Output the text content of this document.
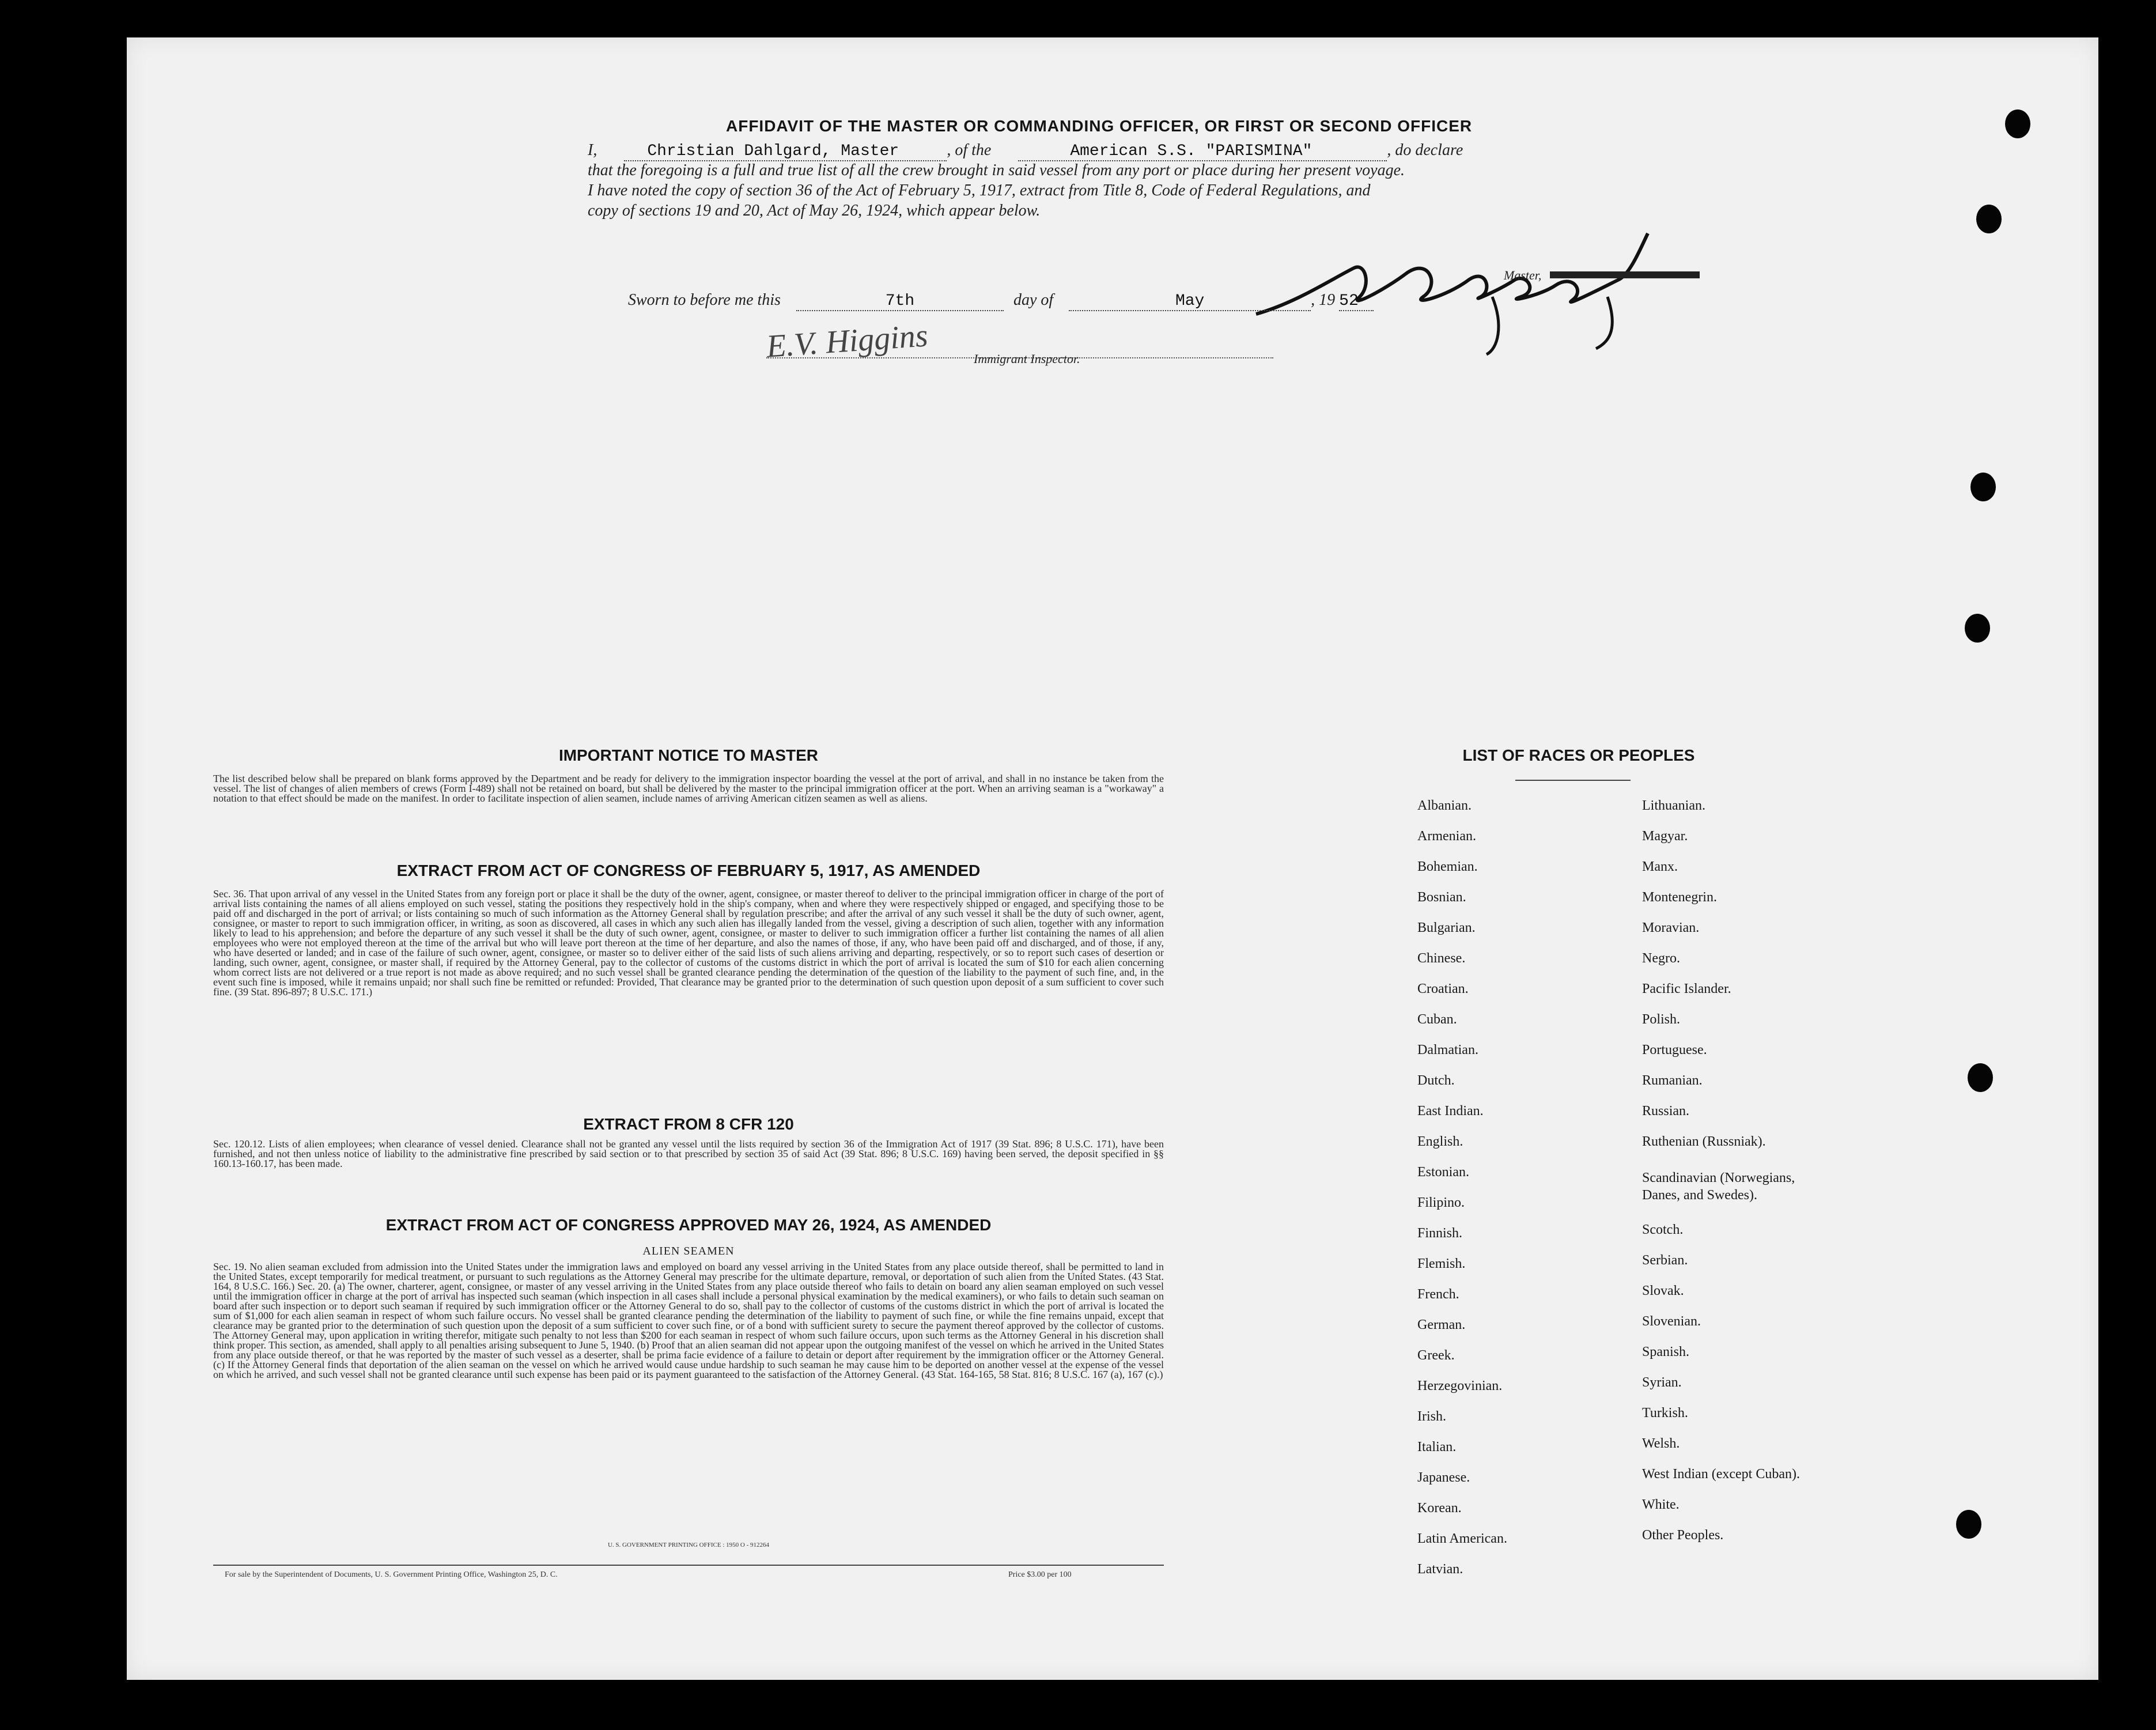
AFFIDAVIT OF THE MASTER OR COMMANDING OFFICER, OR FIRST OR SECOND OFFICER
I,	Christian Dahlgard, Master	, of the	American S.S. "PARISMINA"	, do declare
that the foregoing is a full and true list of all the crew brought in said vessel from any port or place during her present voyage.
I have noted the copy of section 36 of the Act of February 5, 1917, extract from Title 8, Code of Federal Regulations, and
copy of sections 19 and 20, Act of May 26, 1924, which appear below.
Master,
Sworn to before me this	7th	day of	May	, 19 52
E.V. Higgins	Immigrant Inspector.
IMPORTANT NOTICE TO MASTER
The list described below shall be prepared on blank forms approved by the Department and be ready for delivery to the immigration inspector boarding the vessel at the port of arrival, and shall in no instance be taken from the vessel. The list of changes of alien members of crews (Form I-489) shall not be retained on board, but shall be delivered by the master to the principal immigration officer at the port. When an arriving seaman is a "workaway" a notation to that effect should be made on the manifest. In order to facilitate inspection of alien seamen, include names of arriving American citizen seamen as well as aliens.
EXTRACT FROM ACT OF CONGRESS OF FEBRUARY 5, 1917, AS AMENDED
Sec. 36. That upon arrival of any vessel in the United States from any foreign port or place it shall be the duty of the owner, agent, consignee, or master thereof to deliver to the principal immigration officer in charge of the port of arrival lists containing the names of all aliens employed on such vessel, stating the positions they respectively hold in the ship's company, when and where they were respectively shipped or engaged, and specifying those to be paid off and discharged in the port of arrival; or lists containing so much of such information as the Attorney General shall by regulation prescribe; and after the arrival of any such vessel it shall be the duty of such owner, agent, consignee, or master to report to such immigration officer, in writing, as soon as discovered, all cases in which any such alien has illegally landed from the vessel, giving a description of such alien, together with any information likely to lead to his apprehension; and before the departure of any such vessel it shall be the duty of such owner, agent, consignee, or master to deliver to such immigration officer a further list containing the names of all alien employees who were not employed thereon at the time of the arrival but who will leave port thereon at the time of her departure, and also the names of those, if any, who have been paid off and discharged, and of those, if any, who have deserted or landed; and in case of the failure of such owner, agent, consignee, or master so to deliver either of the said lists of such aliens arriving and departing, respectively, or so to report such cases of desertion or landing, such owner, agent, consignee, or master shall, if required by the Attorney General, pay to the collector of customs of the customs district in which the port of arrival is located the sum of $10 for each alien concerning whom correct lists are not delivered or a true report is not made as above required; and no such vessel shall be granted clearance pending the determination of the question of the liability to the payment of such fine, and, in the event such fine is imposed, while it remains unpaid; nor shall such fine be remitted or refunded: Provided, That clearance may be granted prior to the determination of such question upon deposit of a sum sufficient to cover such fine. (39 Stat. 896-897; 8 U.S.C. 171.)
EXTRACT FROM 8 CFR 120
Sec. 120.12. Lists of alien employees; when clearance of vessel denied. Clearance shall not be granted any vessel until the lists required by section 36 of the Immigration Act of 1917 (39 Stat. 896; 8 U.S.C. 171), have been furnished, and not then unless notice of liability to the administrative fine prescribed by said section or to that prescribed by section 35 of said Act (39 Stat. 896; 8 U.S.C. 169) having been served, the deposit specified in §§ 160.13-160.17, has been made.
EXTRACT FROM ACT OF CONGRESS APPROVED MAY 26, 1924, AS AMENDED
ALIEN SEAMEN
Sec. 19. No alien seaman excluded from admission into the United States under the immigration laws and employed on board any vessel arriving in the United States from any place outside thereof, shall be permitted to land in the United States, except temporarily for medical treatment, or pursuant to such regulations as the Attorney General may prescribe for the ultimate departure, removal, or deportation of such alien from the United States. (43 Stat. 164, 8 U.S.C. 166.) Sec. 20. (a) The owner, charterer, agent, consignee, or master of any vessel arriving in the United States from any place outside thereof who fails to detain on board any alien seaman employed on such vessel until the immigration officer in charge at the port of arrival has inspected such seaman (which inspection in all cases shall include a personal physical examination by the medical examiners), or who fails to detain such seaman on board after such inspection or to deport such seaman if required by such immigration officer or the Attorney General to do so, shall pay to the collector of customs of the customs district in which the port of arrival is located the sum of $1,000 for each alien seaman in respect of whom such failure occurs. No vessel shall be granted clearance pending the determination of the liability to payment of such fine, or while the fine remains unpaid, except that clearance may be granted prior to the determination of such question upon the deposit of a sum sufficient to cover such fine, or of a bond with sufficient surety to secure the payment thereof approved by the collector of customs. The Attorney General may, upon application in writing therefor, mitigate such penalty to not less than $200 for each seaman in respect of whom such failure occurs, upon such terms as the Attorney General in his discretion shall think proper. This section, as amended, shall apply to all penalties arising subsequent to June 5, 1940. (b) Proof that an alien seaman did not appear upon the outgoing manifest of the vessel on which he arrived in the United States from any place outside thereof, or that he was reported by the master of such vessel as a deserter, shall be prima facie evidence of a failure to detain or deport after requirement by the immigration officer or the Attorney General. (c) If the Attorney General finds that deportation of the alien seaman on the vessel on which he arrived would cause undue hardship to such seaman he may cause him to be deported on another vessel at the expense of the vessel on which he arrived, and such vessel shall not be granted clearance until such expense has been paid or its payment guaranteed to the satisfaction of the Attorney General. (43 Stat. 164-165, 58 Stat. 816; 8 U.S.C. 167 (a), 167 (c).)
U. S. GOVERNMENT PRINTING OFFICE : 1950 O - 912264
For sale by the Superintendent of Documents, U. S. Government Printing Office, Washington 25, D. C.	Price $3.00 per 100
LIST OF RACES OR PEOPLES
Albanian.
Armenian.
Bohemian.
Bosnian.
Bulgarian.
Chinese.
Croatian.
Cuban.
Dalmatian.
Dutch.
East Indian.
English.
Estonian.
Filipino.
Finnish.
Flemish.
French.
German.
Greek.
Herzegovinian.
Irish.
Italian.
Japanese.
Korean.
Latin American.
Latvian.
Lithuanian.
Magyar.
Manx.
Montenegrin.
Moravian.
Negro.
Pacific Islander.
Polish.
Portuguese.
Rumanian.
Russian.
Ruthenian (Russniak).
Scandinavian (Norwegians,
Danes, and Swedes).
Scotch.
Serbian.
Slovak.
Slovenian.
Spanish.
Syrian.
Turkish.
Welsh.
West Indian (except Cuban).
White.
Other Peoples.
